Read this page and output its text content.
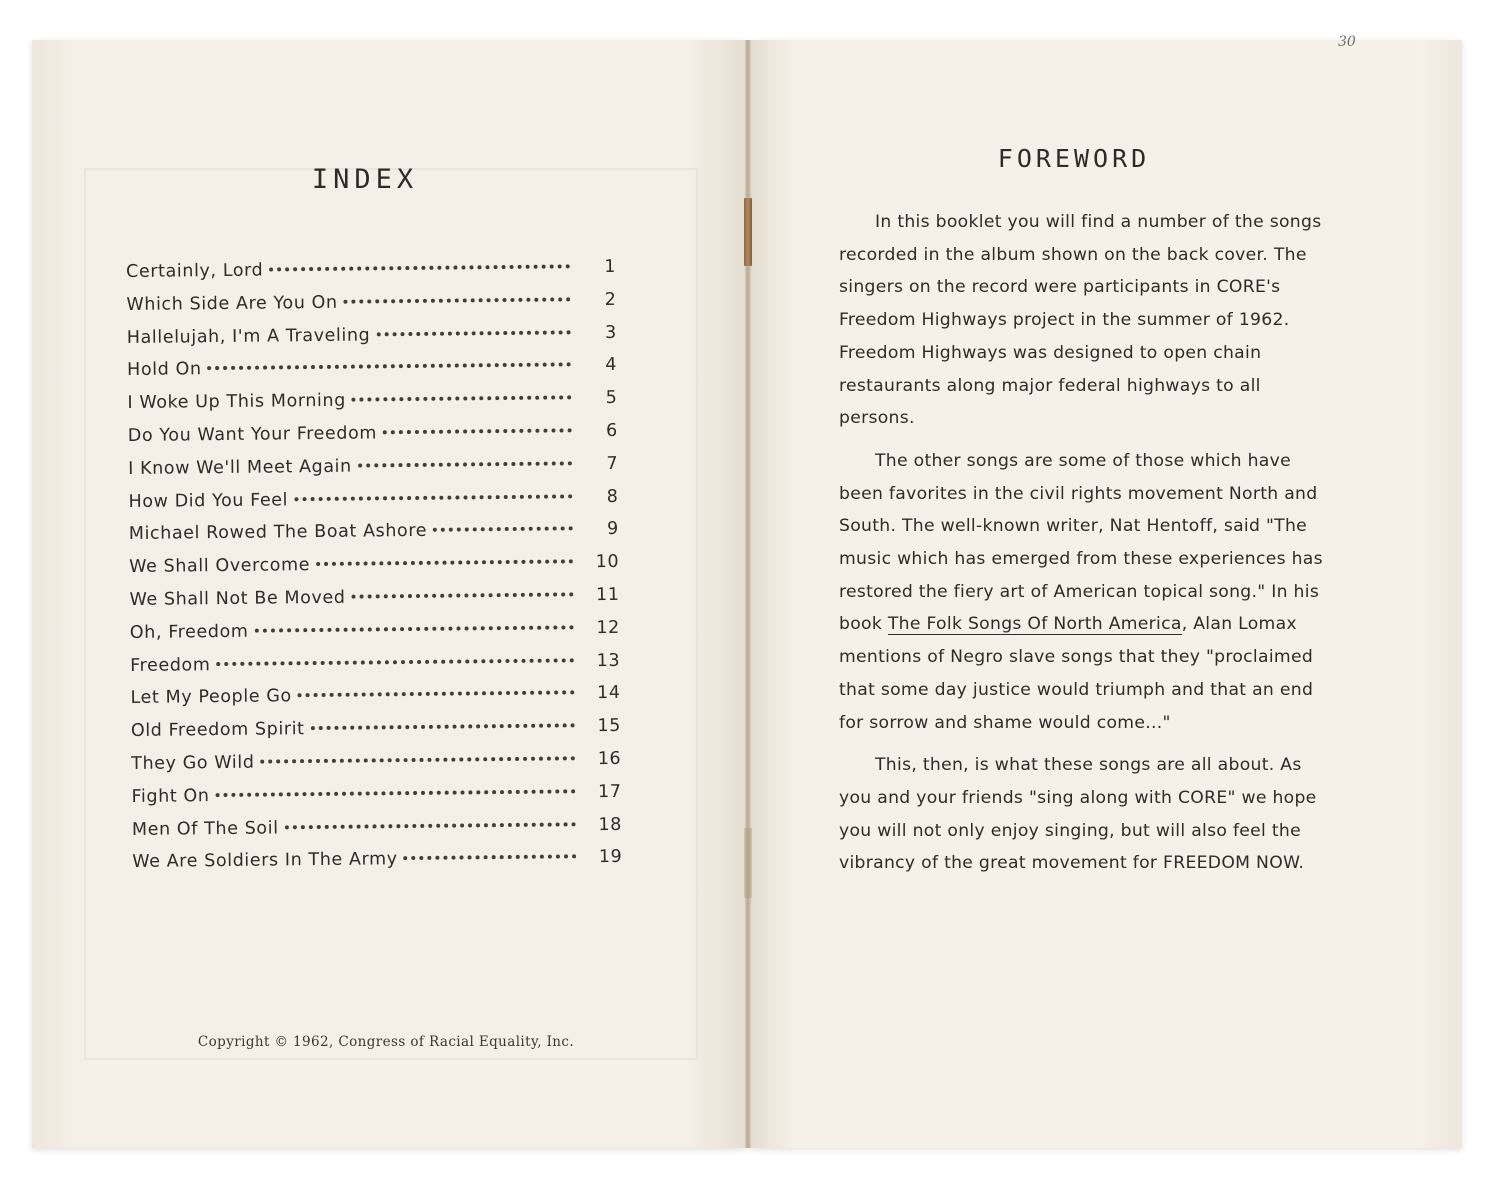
INDEX
Certainly, Lord	1
Which Side Are You On	2
Hallelujah, I'm A Traveling	3
Hold On	4
I Woke Up This Morning	5
Do You Want Your Freedom	6
I Know We'll Meet Again	7
How Did You Feel	8
Michael Rowed The Boat Ashore	9
We Shall Overcome	10
We Shall Not Be Moved	11
Oh, Freedom	12
Freedom	13
Let My People Go	14
Old Freedom Spirit	15
They Go Wild	16
Fight On	17
Men Of The Soil	18
We Are Soldiers In The Army	19
Copyright © 1962, Congress of Racial Equality, Inc.
30
FOREWORD

In this booklet you will find a number of the songs recorded in the album shown on the back cover. The singers on the record were participants in CORE's Freedom Highways project in the summer of 1962. Freedom Highways was designed to open chain restaurants along major federal highways to all persons.

The other songs are some of those which have been favorites in the civil rights movement North and South. The well-known writer, Nat Hentoff, said "The music which has emerged from these experiences has restored the fiery art of American topical song." In his book The Folk Songs Of North America, Alan Lomax mentions of Negro slave songs that they "proclaimed that some day justice would triumph and that an end for sorrow and shame would come..."

This, then, is what these songs are all about. As you and your friends "sing along with CORE" we hope you will not only enjoy singing, but will also feel the vibrancy of the great movement for FREEDOM NOW.
